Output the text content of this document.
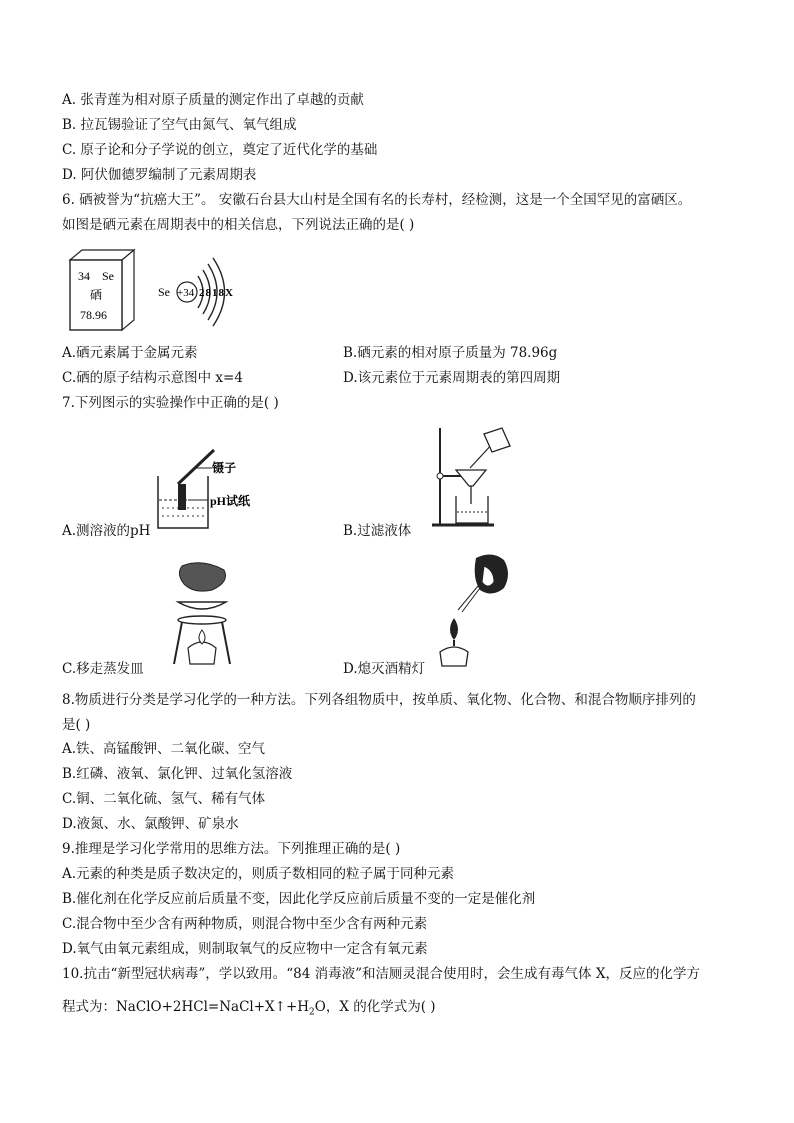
A. 张青莲为相对原子质量的测定作出了卓越的贡献
B. 拉瓦锡验证了空气由氮气、氧气组成
C. 原子论和分子学说的创立，奠定了近代化学的基础
D. 阿伏伽德罗编制了元素周期表
6. 硒被誉为“抗癌大王”。 安徽石台县大山村是全国有名的长寿村，经检测，这是一个全国罕见的富硒区。
如图是硒元素在周期表中的相关信息，下列说法正确的是( )
34 Se
硒
78.96
Se +34 2818X
A.硒元素属于金属元素	B.硒元素的相对原子质量为 78.96g
C.硒的原子结构示意图中 x=4	D.该元素位于元素周期表的第四周期
7.下列图示的实验操作中正确的是( )
镊子
pH试纸
A.测溶液的pH	B.过滤液体
C.移走蒸发皿	D.熄灭酒精灯
8.物质进行分类是学习化学的一种方法。下列各组物质中，按单质、氧化物、化合物、和混合物顺序排列的
是( )
A.铁、高锰酸钾、二氧化碳、空气
B.红磷、液氧、氯化钾、过氧化氢溶液
C.铜、二氧化硫、氢气、稀有气体
D.液氮、水、氯酸钾、矿泉水
9.推理是学习化学常用的思维方法。下列推理正确的是( )
A.元素的种类是质子数决定的，则质子数相同的粒子属于同种元素
B.催化剂在化学反应前后质量不变，因此化学反应前后质量不变的一定是催化剂
C.混合物中至少含有两种物质，则混合物中至少含有两种元素
D.氧气由氧元素组成，则制取氧气的反应物中一定含有氧元素
10.抗击“新型冠状病毒”，学以致用。“84 消毒液”和洁厕灵混合使用时，会生成有毒气体 X，反应的化学方
程式为：$NaClO+2HCl=NaCl+X↑+H_2O$，X 的化学式为( )
